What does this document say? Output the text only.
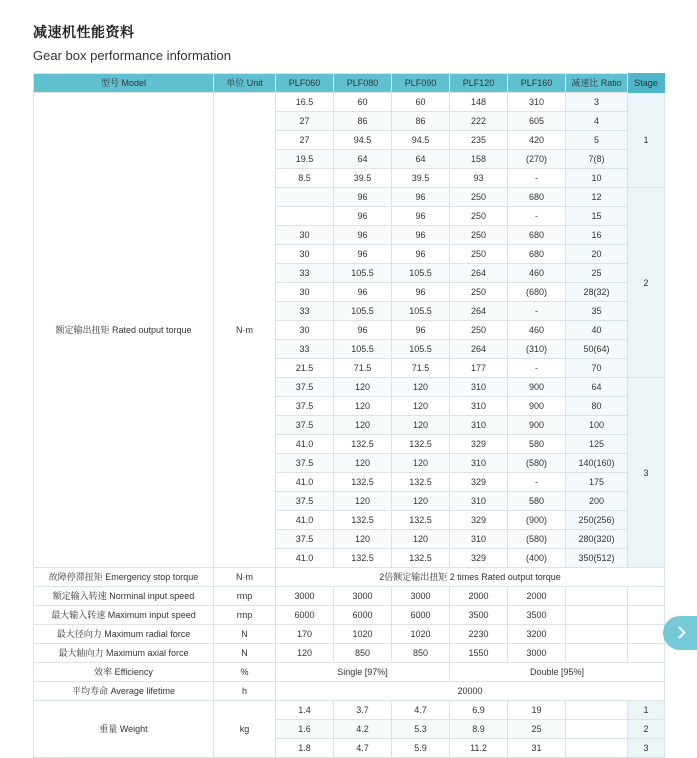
减速机性能资料
Gear box performance information
型号 Model	单位 Unit	PLF060	PLF080	PLF090	PLF120	PLF160	减速比 Ratio	Stage
额定输出扭矩 Rated output torque	N·m	16.5	60	60	148	310	3	1
		27	86	86	222	605	4	
		27	94.5	94.5	235	420	5	
		19.5	64	64	158	(270)	7(8)	
		8.5	39.5	39.5	93	-	10	
			96	96	250	680	12	2
			96	96	250	-	15	
		30	96	96	250	680	16	
		30	96	96	250	680	20	
		33	105.5	105.5	264	460	25	
		30	96	96	250	(680)	28(32)	
		33	105.5	105.5	264	-	35	
		30	96	96	250	460	40	
		33	105.5	105.5	264	(310)	50(64)	
		21.5	71.5	71.5	177	-	70	
		37.5	120	120	310	900	64	3
		37.5	120	120	310	900	80	
		37.5	120	120	310	900	100	
		41.0	132.5	132.5	329	580	125	
		37.5	120	120	310	(580)	140(160)	
		41.0	132.5	132.5	329	-	175	
		37.5	120	120	310	580	200	
		41.0	132.5	132.5	329	(900)	250(256)	
		37.5	120	120	310	(580)	280(320)	
		41.0	132.5	132.5	329	(400)	350(512)	
故障停滞扭矩 Emergency stop torque	N·m	2倍额定输出扭矩 2 times Rated output torque						
额定输入转速 Norminal input speed	rmp	3000	3000	3000	2000	2000		
最大输入转速 Maximum input speed	rmp	6000	6000	6000	3500	3500		
最大径向力 Maximum radial force	N	170	1020	1020	2230	3200		
最大轴向力 Maximum axial force	N	120	850	850	1550	3000		
效率 Efficiency	%	Single [97%]			Double [95%]			
平均寿命 Average lifetime	h	20000						
重量 Weight	kg	1.4	3.7	4.7	6.9	19		1
		1.6	4.2	5.3	8.9	25		2
		1.8	4.7	5.9	11.2	31		3
